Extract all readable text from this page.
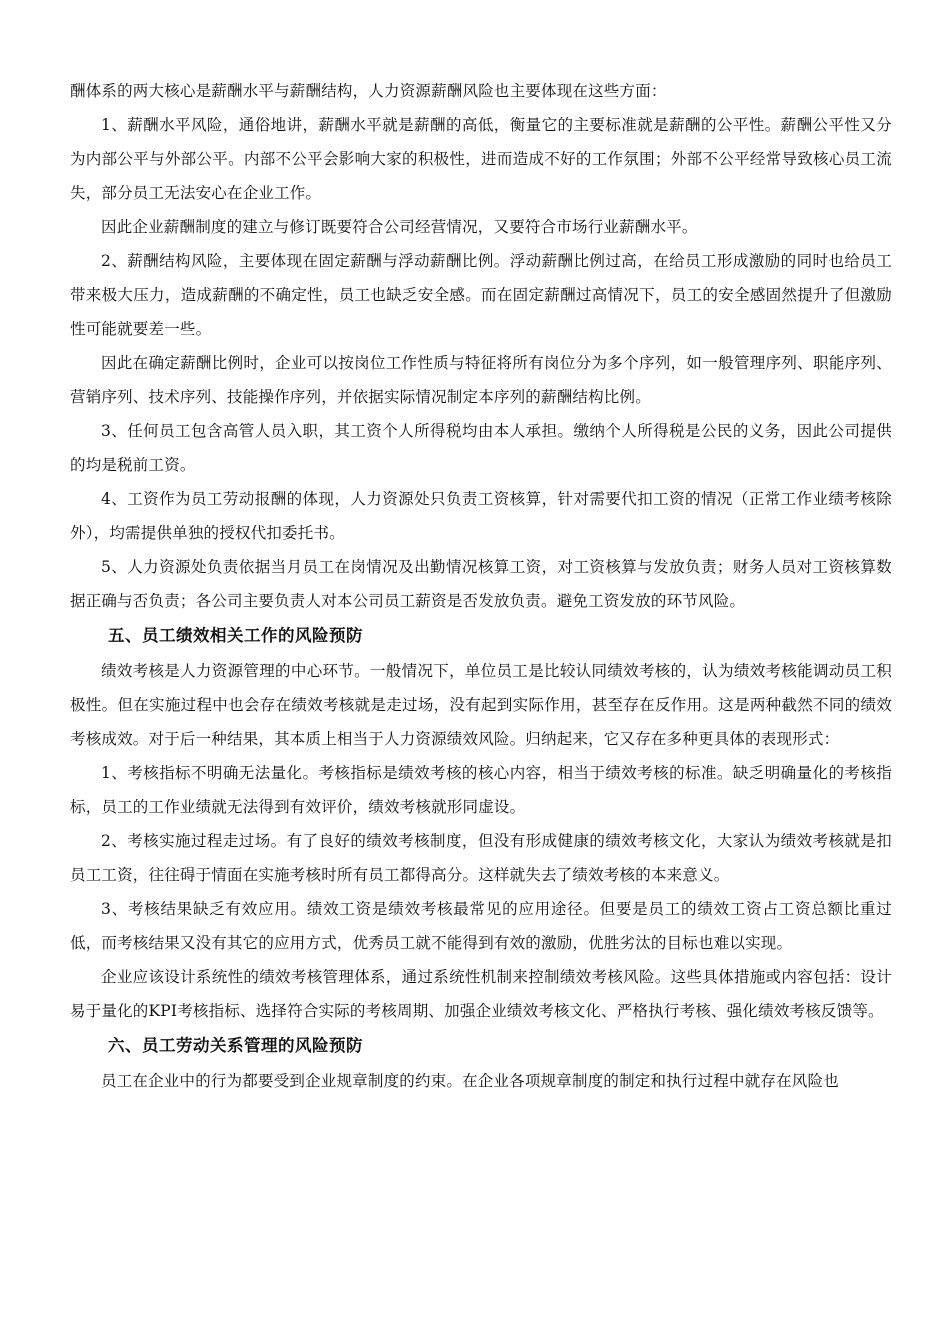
酬体系的两大核心是薪酬水平与薪酬结构，人力资源薪酬风险也主要体现在这些方面：

1、薪酬水平风险，通俗地讲，薪酬水平就是薪酬的高低，衡量它的主要标准就是薪酬的公平性。薪酬公平性又分为内部公平与外部公平。内部不公平会影响大家的积极性，进而造成不好的工作氛围；外部不公平经常导致核心员工流失，部分员工无法安心在企业工作。

因此企业薪酬制度的建立与修订既要符合公司经营情况，又要符合市场行业薪酬水平。

2、薪酬结构风险，主要体现在固定薪酬与浮动薪酬比例。浮动薪酬比例过高，在给员工形成激励的同时也给员工带来极大压力，造成薪酬的不确定性，员工也缺乏安全感。而在固定薪酬过高情况下，员工的安全感固然提升了但激励性可能就要差一些。

因此在确定薪酬比例时，企业可以按岗位工作性质与特征将所有岗位分为多个序列，如一般管理序列、职能序列、营销序列、技术序列、技能操作序列，并依据实际情况制定本序列的薪酬结构比例。

3、任何员工包含高管人员入职，其工资个人所得税均由本人承担。缴纳个人所得税是公民的义务，因此公司提供的均是税前工资。

4、工资作为员工劳动报酬的体现，人力资源处只负责工资核算，针对需要代扣工资的情况（正常工作业绩考核除外），均需提供单独的授权代扣委托书。

5、人力资源处负责依据当月员工在岗情况及出勤情况核算工资，对工资核算与发放负责；财务人员对工资核算数据正确与否负责；各公司主要负责人对本公司员工薪资是否发放负责。避免工资发放的环节风险。

五、员工绩效相关工作的风险预防

绩效考核是人力资源管理的中心环节。一般情况下，单位员工是比较认同绩效考核的，认为绩效考核能调动员工积极性。但在实施过程中也会存在绩效考核就是走过场，没有起到实际作用，甚至存在反作用。这是两种截然不同的绩效考核成效。对于后一种结果，其本质上相当于人力资源绩效风险。归纳起来，它又存在多种更具体的表现形式：

1、考核指标不明确无法量化。考核指标是绩效考核的核心内容，相当于绩效考核的标准。缺乏明确量化的考核指标，员工的工作业绩就无法得到有效评价，绩效考核就形同虚设。

2、考核实施过程走过场。有了良好的绩效考核制度，但没有形成健康的绩效考核文化，大家认为绩效考核就是扣员工工资，往往碍于情面在实施考核时所有员工都得高分。这样就失去了绩效考核的本来意义。

3、考核结果缺乏有效应用。绩效工资是绩效考核最常见的应用途径。但要是员工的绩效工资占工资总额比重过低，而考核结果又没有其它的应用方式，优秀员工就不能得到有效的激励，优胜劣汰的目标也难以实现。

企业应该设计系统性的绩效考核管理体系，通过系统性机制来控制绩效考核风险。这些具体措施或内容包括：设计易于量化的KPI考核指标、选择符合实际的考核周期、加强企业绩效考核文化、严格执行考核、强化绩效考核反馈等。

六、员工劳动关系管理的风险预防

员工在企业中的行为都要受到企业规章制度的约束。在企业各项规章制度的制定和执行过程中就存在风险也
